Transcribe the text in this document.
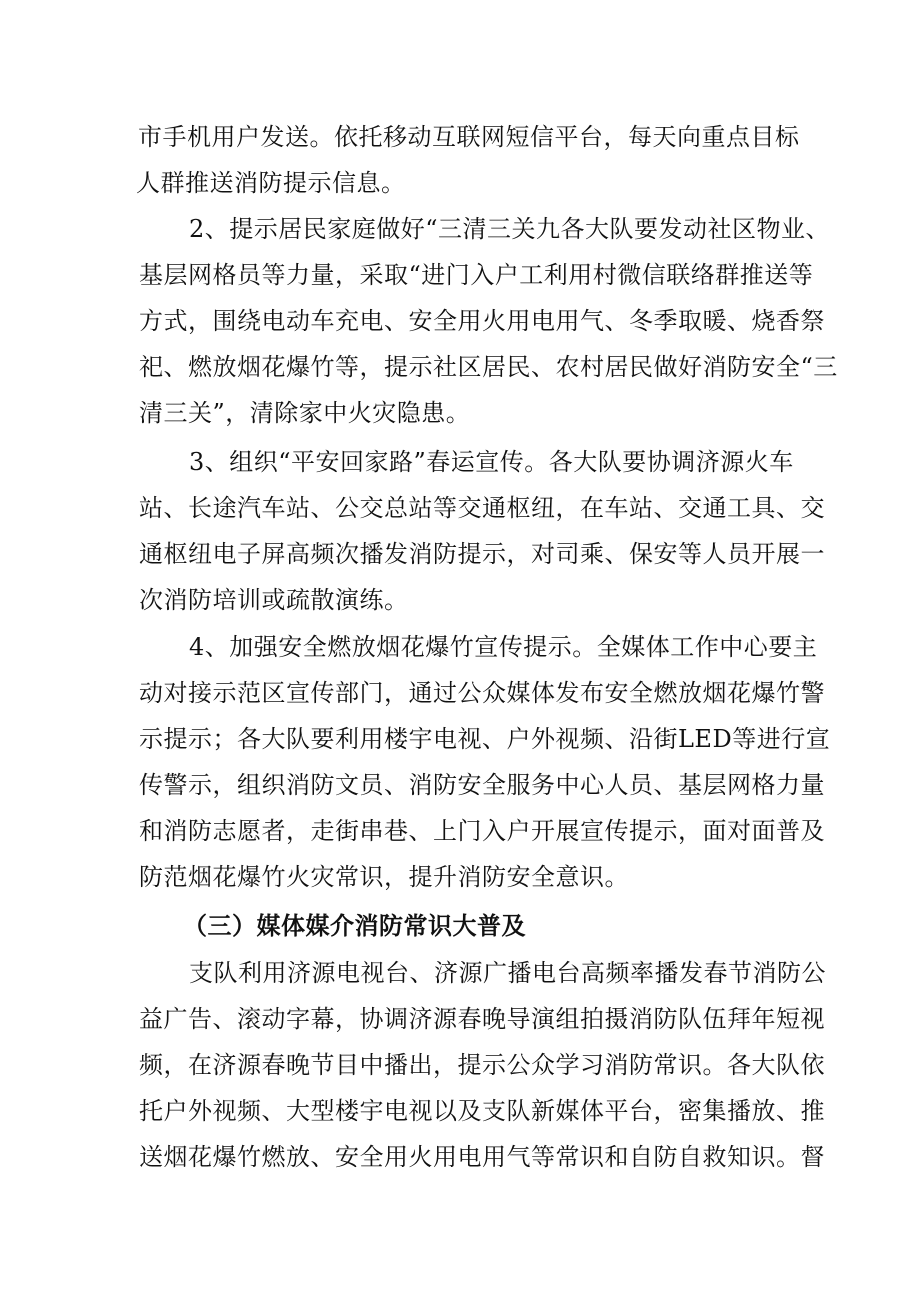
市手机用户发送。依托移动互联网短信平台，每天向重点目标
人群推送消防提示信息。
2、提示居民家庭做好“三清三关九各大队要发动社区物业、
基层网格员等力量，采取“进门入户工利用村微信联络群推送等
方式，围绕电动车充电、安全用火用电用气、冬季取暖、烧香祭
祀、燃放烟花爆竹等，提示社区居民、农村居民做好消防安全“三
清三关”，清除家中火灾隐患。
3、组织“平安回家路”春运宣传。各大队要协调济源火车
站、长途汽车站、公交总站等交通枢纽，在车站、交通工具、交
通枢纽电子屏高频次播发消防提示，对司乘、保安等人员开展一
次消防培训或疏散演练。
4、加强安全燃放烟花爆竹宣传提示。全媒体工作中心要主
动对接示范区宣传部门，通过公众媒体发布安全燃放烟花爆竹警
示提示；各大队要利用楼宇电视、户外视频、沿街LED等进行宣
传警示，组织消防文员、消防安全服务中心人员、基层网格力量
和消防志愿者，走街串巷、上门入户开展宣传提示，面对面普及
防范烟花爆竹火灾常识，提升消防安全意识。
（三）媒体媒介消防常识大普及
支队利用济源电视台、济源广播电台高频率播发春节消防公
益广告、滚动字幕，协调济源春晚导演组拍摄消防队伍拜年短视
频，在济源春晚节目中播出，提示公众学习消防常识。各大队依
托户外视频、大型楼宇电视以及支队新媒体平台，密集播放、推
送烟花爆竹燃放、安全用火用电用气等常识和自防自救知识。督
